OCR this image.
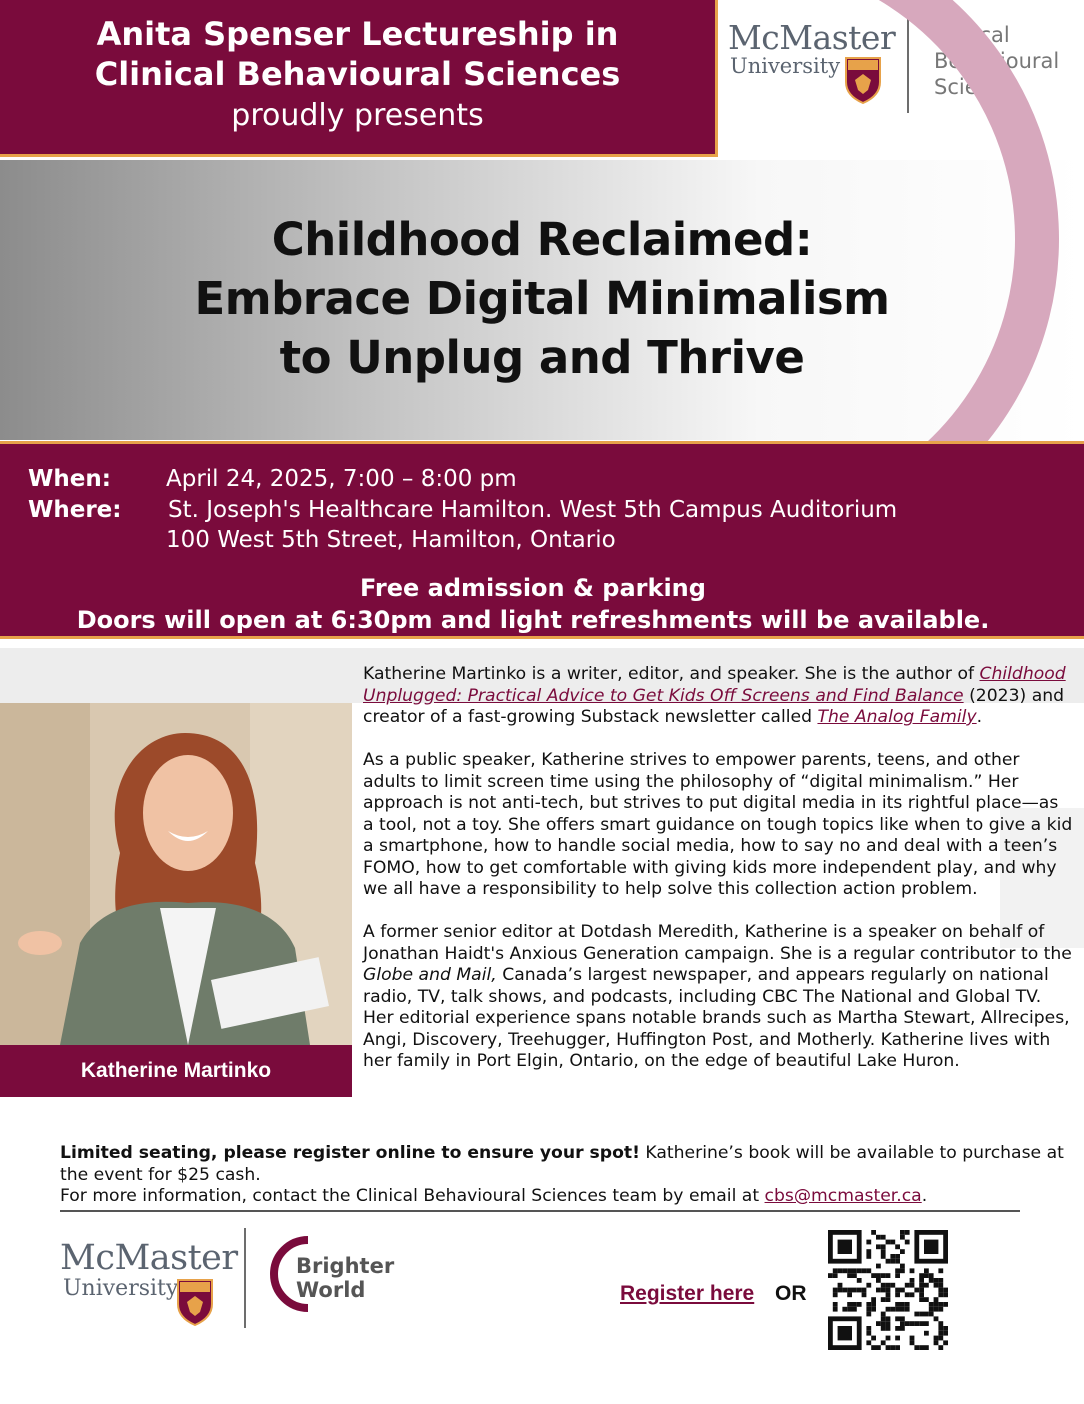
Anita Spenser Lectureship in
Clinical Behavioural Sciences
proudly presents
McMaster
University
Clinical
Behavioural
Science
Childhood Reclaimed:
Embrace Digital Minimalism
to Unplug and Thrive
When: April 24, 2025, 7:00 – 8:00 pm
Where: St. Joseph's Healthcare Hamilton. West 5th Campus Auditorium
100 West 5th Street, Hamilton, Ontario
Free admission & parking
Doors will open at 6:30pm and light refreshments will be available.
Katherine Martinko

Katherine Martinko is a writer, editor, and speaker. She is the author of Childhood Unplugged: Practical Advice to Get Kids Off Screens and Find Balance (2023) and creator of a fast-growing Substack newsletter called The Analog Family.

As a public speaker, Katherine strives to empower parents, teens, and other adults to limit screen time using the philosophy of “digital minimalism.” Her approach is not anti-tech, but strives to put digital media in its rightful place—as a tool, not a toy. She offers smart guidance on tough topics like when to give a kid a smartphone, how to handle social media, how to say no and deal with a teen’s FOMO, how to get comfortable with giving kids more independent play, and why we all have a responsibility to help solve this collection action problem.

A former senior editor at Dotdash Meredith, Katherine is a speaker on behalf of Jonathan Haidt's Anxious Generation campaign. She is a regular contributor to the Globe and Mail, Canada’s largest newspaper, and appears regularly on national radio, TV, talk shows, and podcasts, including CBC The National and Global TV. Her editorial experience spans notable brands such as Martha Stewart, Allrecipes, Angi, Discovery, Treehugger, Huffington Post, and Motherly. Katherine lives with her family in Port Elgin, Ontario, on the edge of beautiful Lake Huron.

Limited seating, please register online to ensure your spot! Katherine’s book will be available to purchase at the event for $25 cash.
For more information, contact the Clinical Behavioural Sciences team by email at cbs@mcmaster.ca.
McMaster
University
Brighter
World	Register here OR
